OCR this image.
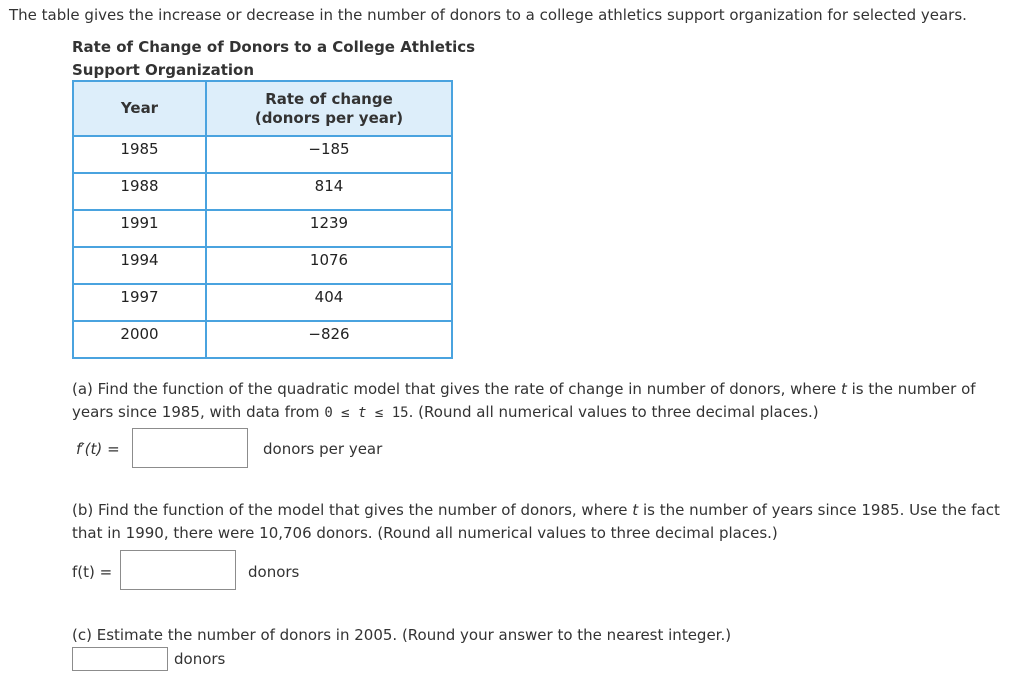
The table gives the increase or decrease in the number of donors to a college athletics support organization for selected years.
Rate of Change of Donors to a College Athletics
Support Organization
Year	Rate of change
(donors per year)
1985	−185
1988	814
1991	1239
1994	1076
1997	404
2000	−826
(a) Find the function of the quadratic model that gives the rate of change in number of donors, where t is the number of years since 1985, with data from 0 ≤ t ≤ 15. (Round all numerical values to three decimal places.)
f′(t) =	donors per year
(b) Find the function of the model that gives the number of donors, where t is the number of years since 1985. Use the fact that in 1990, there were 10,706 donors. (Round all numerical values to three decimal places.)
f(t) =	donors
(c) Estimate the number of donors in 2005. (Round your answer to the nearest integer.)
donors
